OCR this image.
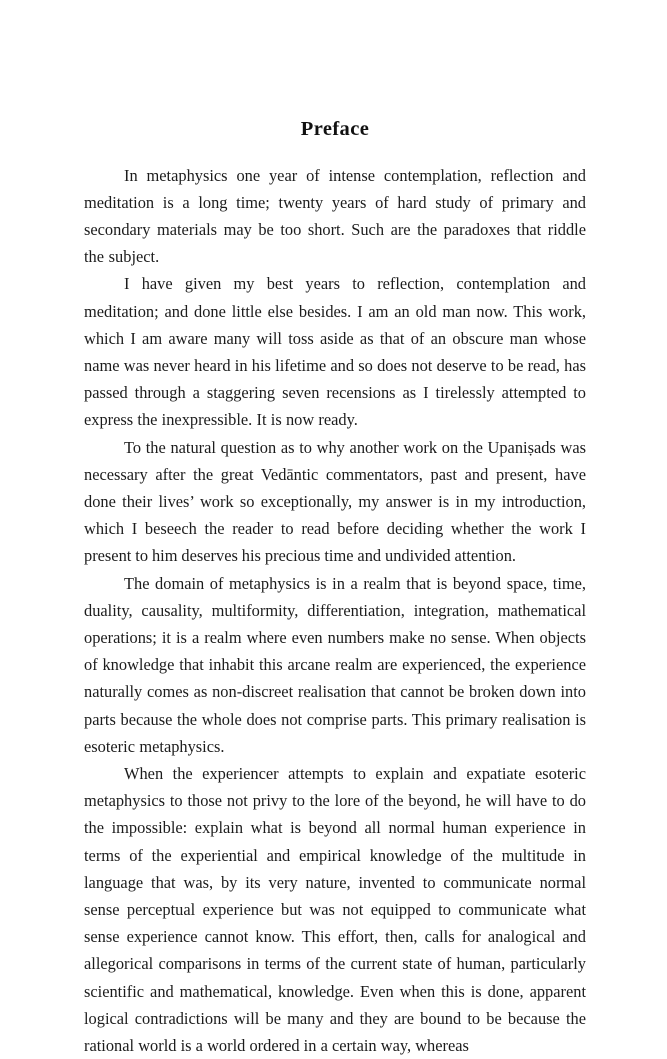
Preface

In metaphysics one year of intense contemplation, reflection and meditation is a long time; twenty years of hard study of primary and secondary materials may be too short. Such are the paradoxes that riddle the subject.

I have given my best years to reflection, contemplation and meditation; and done little else besides. I am an old man now. This work, which I am aware many will toss aside as that of an obscure man whose name was never heard in his lifetime and so does not deserve to be read, has passed through a staggering seven recensions as I tirelessly attempted to express the inexpressible. It is now ready.

To the natural question as to why another work on the Upaniṣads was necessary after the great Vedāntic commentators, past and present, have done their lives’ work so exceptionally, my answer is in my introduction, which I beseech the reader to read before deciding whether the work I present to him deserves his precious time and undivided attention.

The domain of metaphysics is in a realm that is beyond space, time, duality, causality, multiformity, differentiation, integration, mathematical operations; it is a realm where even numbers make no sense. When objects of knowledge that inhabit this arcane realm are experienced, the experience naturally comes as non-discreet realisation that cannot be broken down into parts because the whole does not comprise parts. This primary realisation is esoteric metaphysics.

When the experiencer attempts to explain and expatiate esoteric metaphysics to those not privy to the lore of the beyond, he will have to do the impossible: explain what is beyond all normal human experience in terms of the experiential and empirical knowledge of the multitude in language that was, by its very nature, invented to communicate normal sense perceptual experience but was not equipped to communicate what sense experience cannot know. This effort, then, calls for analogical and allegorical comparisons in terms of the current state of human, particularly scientific and mathematical, knowledge. Even when this is done, apparent logical contradictions will be many and they are bound to be because the rational world is a world ordered in a certain way, whereas
